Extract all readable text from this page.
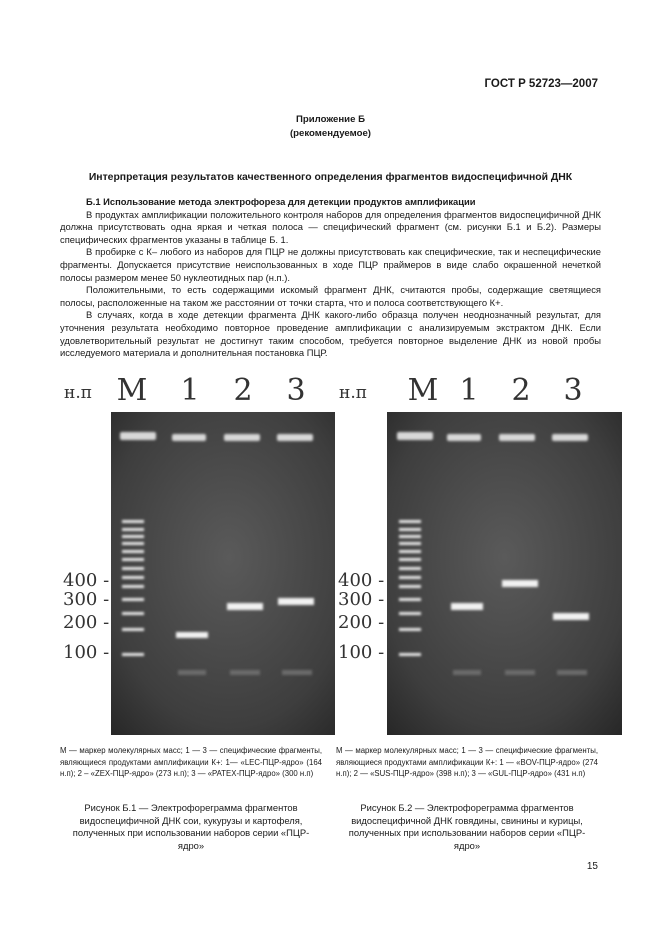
ГОСТ Р 52723—2007
Приложение Б
(рекомендуемое)
Интерпретация результатов качественного определения фрагментов видоспецифичной ДНК

Б.1 Использование метода электрофореза для детекции продуктов амплификации

В продуктах амплификации положительного контроля наборов для определения фрагментов видоспецифичной ДНК должна присутствовать одна яркая и четкая полоса — специфический фрагмент (см. рисунки Б.1 и Б.2). Размеры специфических фрагментов указаны в таблице Б. 1.

В пробирке с К– любого из наборов для ПЦР не должны присутствовать как специфические, так и неспецифические фрагменты. Допускается присутствие неиспользованных в ходе ПЦР праймеров в виде слабо окрашенной нечеткой полосы размером менее 50 нуклеотидных пар (н.п.).

Положительными, то есть содержащими искомый фрагмент ДНК, считаются пробы, содержащие светящиеся полосы, расположенные на таком же расстоянии от точки старта, что и полоса соответствующего К+.

В случаях, когда в ходе детекции фрагмента ДНК какого-либо образца получен неоднозначный результат, для уточнения результата необходимо повторное проведение амплификации с анализируемым экстрактом ДНК. Если удовлетворительный результат не достигнут таким способом, требуется повторное выделение ДНК из новой пробы исследуемого материала и дополнительная постановка ПЦР.

н.п M 1 2 3
400 -
300 -
200 -
100 -
н.п M 1 2 3
400 -
300 -
200 -
100 -
М — маркер молекулярных масс; 1 — 3 — специфические фрагменты, являющиеся продуктами амплификации К+: 1— «LEC-ПЦР-ядро» (164 н.п); 2 – «ZEX-ПЦР-ядро» (273 н.п); 3 — «PATEX-ПЦР-ядро» (300 н.п)
М — маркер молекулярных масс; 1 — 3 — специфические фрагменты, являющиеся продуктами амплификации К+: 1 — «BOV-ПЦР-ядро» (274 н.п); 2 — «SUS-ПЦР-ядро» (398 н.п); 3 — «GUL-ПЦР-ядро» (431 н.п)
Рисунок Б.1 — Электрофореграмма фрагментов видоспецифичной ДНК сои, кукурузы и картофеля, полученных при использовании наборов серии «ПЦР-ядро»
Рисунок Б.2 — Электрофореграмма фрагментов видоспецифичной ДНК говядины, свинины и курицы, полученных при использовании наборов серии «ПЦР-ядро»
15
